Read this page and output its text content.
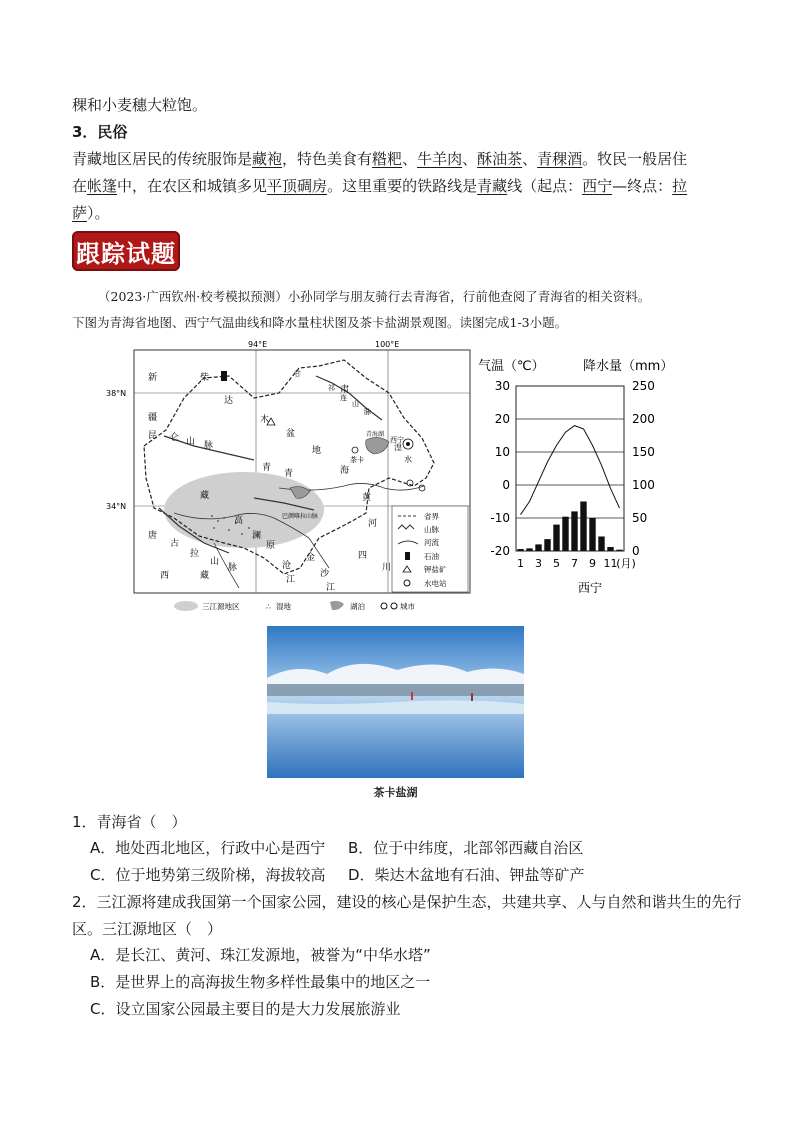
稞和小麦穗大粒饱。
3．民俗
青藏地区居民的传统服饰是藏袍，特色美食有糌粑、牛羊肉、酥油茶、青稞酒。牧民一般居住
在帐篷中，在农区和城镇多见平顶碉房。这里重要的铁路线是青藏线（起点：西宁—终点：拉
萨）。
跟踪试题
（2023·广西钦州·校考模拟预测）小孙同学与朋友骑行去青海省，行前他查阅了青海省的相关资料。
下图为青海省地图、西宁气温曲线和降水量柱状图及茶卡盐湖景观图。读图完成1-3小题。
94°E	100°E
38°N
34°N
新
疆
柴
达
木
盆
地
甘
肃
青	海
藏
高
原
西	藏
四
川
黄
河
金
沙
江
澜
沧
江
唐
古
拉
山
脉
昆 仑 山 脉
巴 颜 喀 拉 山 脉
祁
连
山
脉
湟
水
青海湖
茶卡
西宁
青
省界
山脉
河流
石油
钾盐矿
水电站
三江源地区	∴ 湿地	湖泊	城市
气温（℃）	降水量（mm）
30
20
10
0
-10
-20
250
200
150
100
50
0
1 3 5 7 9 11
(月)
西宁
茶卡盐湖
1．青海省（　）
A．地处西北地区，行政中心是西宁 B．位于中纬度，北部邻西藏自治区
C．位于地势第三级阶梯，海拔较高 D．柴达木盆地有石油、钾盐等矿产
2．三江源将建成我国第一个国家公园，建设的核心是保护生态，共建共享、人与自然和谐共生的先行
区。三江源地区（　）
A．是长江、黄河、珠江发源地，被誉为“中华水塔”
B．是世界上的高海拔生物多样性最集中的地区之一
C．设立国家公园最主要目的是大力发展旅游业
